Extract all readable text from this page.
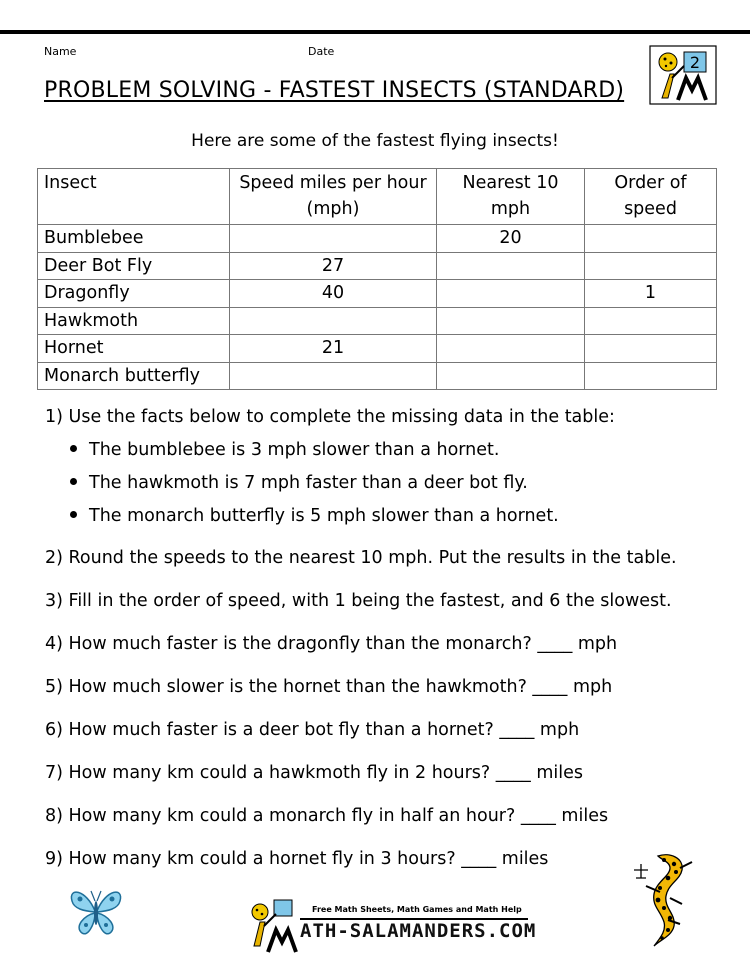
Name	Date
PROBLEM SOLVING - FASTEST INSECTS (STANDARD)
2
Here are some of the fastest flying insects!
Insect	Speed miles per hour (mph)	Nearest 10 mph	Order of speed
Bumblebee		20	
Deer Bot Fly	27		
Dragonfly	40		1
Hawkmoth			
Hornet	21		
Monarch butterfly			
1) Use the facts below to complete the missing data in the table:
The bumblebee is 3 mph slower than a hornet.
The hawkmoth is 7 mph faster than a deer bot fly.
The monarch butterfly is 5 mph slower than a hornet.
2) Round the speeds to the nearest 10 mph. Put the results in the table.
3) Fill in the order of speed, with 1 being the fastest, and 6 the slowest.
4) How much faster is the dragonfly than the monarch? ____ mph
5) How much slower is the hornet than the hawkmoth? ____ mph
6) How much faster is a deer bot fly than a hornet? ____ mph
7) How many km could a hawkmoth fly in 2 hours? ____ miles
8) How many km could a monarch fly in half an hour? ____ miles
9) How many km could a hornet fly in 3 hours? ____ miles
Free Math Sheets, Math Games and Math Help
ATH-SALAMANDERS.COM
